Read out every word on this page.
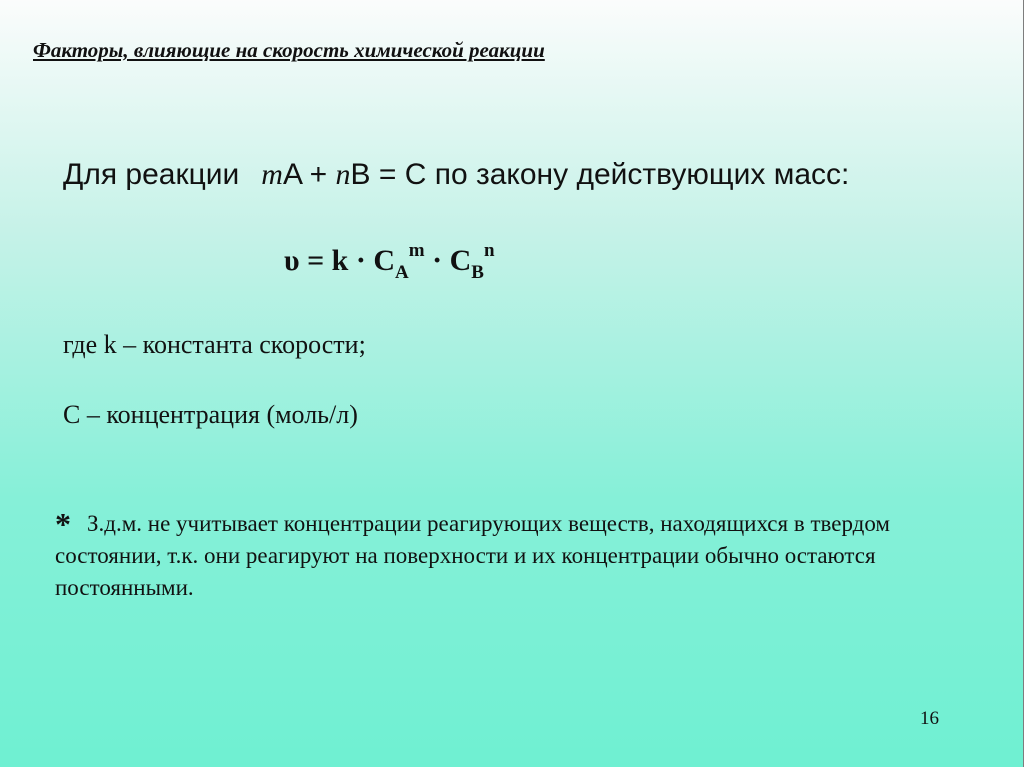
Факторы, влияющие на скорость химической реакции
Для реакции mA + nB = C по закону действующих масс:
$\upsilon = k \cdot C_A^m \cdot C_B^n$
где k – константа скорости;
C – концентрация (моль/л)
* З.д.м. не учитывает концентрации реагирующих веществ, находящихся в твердом состоянии, т.к. они реагируют на поверхности и их концентрации обычно остаются постоянными.
16
